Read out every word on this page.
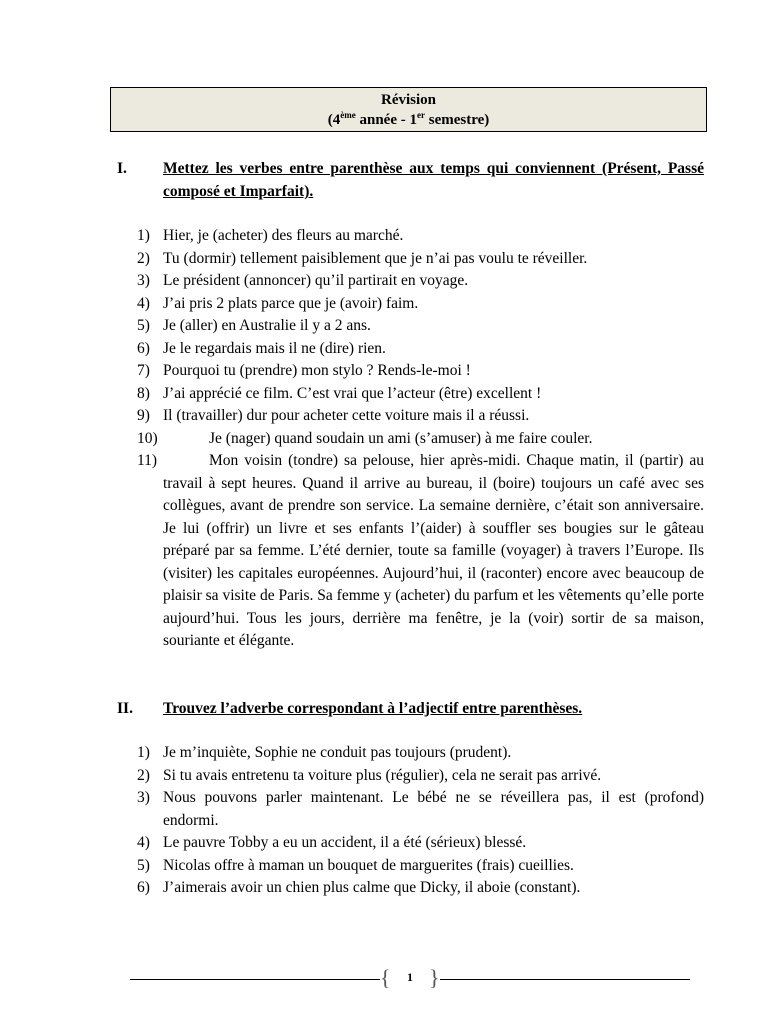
Révision
(4ème année - 1er semestre)
I. Mettez les verbes entre parenthèse aux temps qui conviennent (Présent, Passé composé et Imparfait).
1) Hier, je (acheter) des fleurs au marché.
2) Tu (dormir) tellement paisiblement que je n’ai pas voulu te réveiller.
3) Le président (annoncer) qu’il partirait en voyage.
4) J’ai pris 2 plats parce que je (avoir) faim.
5) Je (aller) en Australie il y a 2 ans.
6) Je le regardais mais il ne (dire) rien.
7) Pourquoi tu (prendre) mon stylo ? Rends-le-moi !
8) J’ai apprécié ce film. C’est vrai que l’acteur (être) excellent !
9) Il (travailler) dur pour acheter cette voiture mais il a réussi.
10)	Je (nager) quand soudain un ami (s’amuser) à me faire couler.
11)	Mon voisin (tondre) sa pelouse, hier après-midi. Chaque matin, il (partir) au travail à sept heures. Quand il arrive au bureau, il (boire) toujours un café avec ses collègues, avant de prendre son service. La semaine dernière, c’était son anniversaire. Je lui (offrir) un livre et ses enfants l’(aider) à souffler ses bougies sur le gâteau préparé par sa femme. L’été dernier, toute sa famille (voyager) à travers l’Europe. Ils (visiter) les capitales européennes. Aujourd’hui, il (raconter) encore avec beaucoup de plaisir sa visite de Paris. Sa femme y (acheter) du parfum et les vêtements qu’elle porte aujourd’hui. Tous les jours, derrière ma fenêtre, je la (voir) sortir de sa maison, souriante et élégante.
II. Trouvez l’adverbe correspondant à l’adjectif entre parenthèses.
1) Je m’inquiète, Sophie ne conduit pas toujours (prudent).
2) Si tu avais entretenu ta voiture plus (régulier), cela ne serait pas arrivé.
3) Nous pouvons parler maintenant. Le bébé ne se réveillera pas, il est (profond) endormi.
4) Le pauvre Tobby a eu un accident, il a été (sérieux) blessé.
5) Nicolas offre à maman un bouquet de marguerites (frais) cueillies.
6) J’aimerais avoir un chien plus calme que Dicky, il aboie (constant).
{	1 }
